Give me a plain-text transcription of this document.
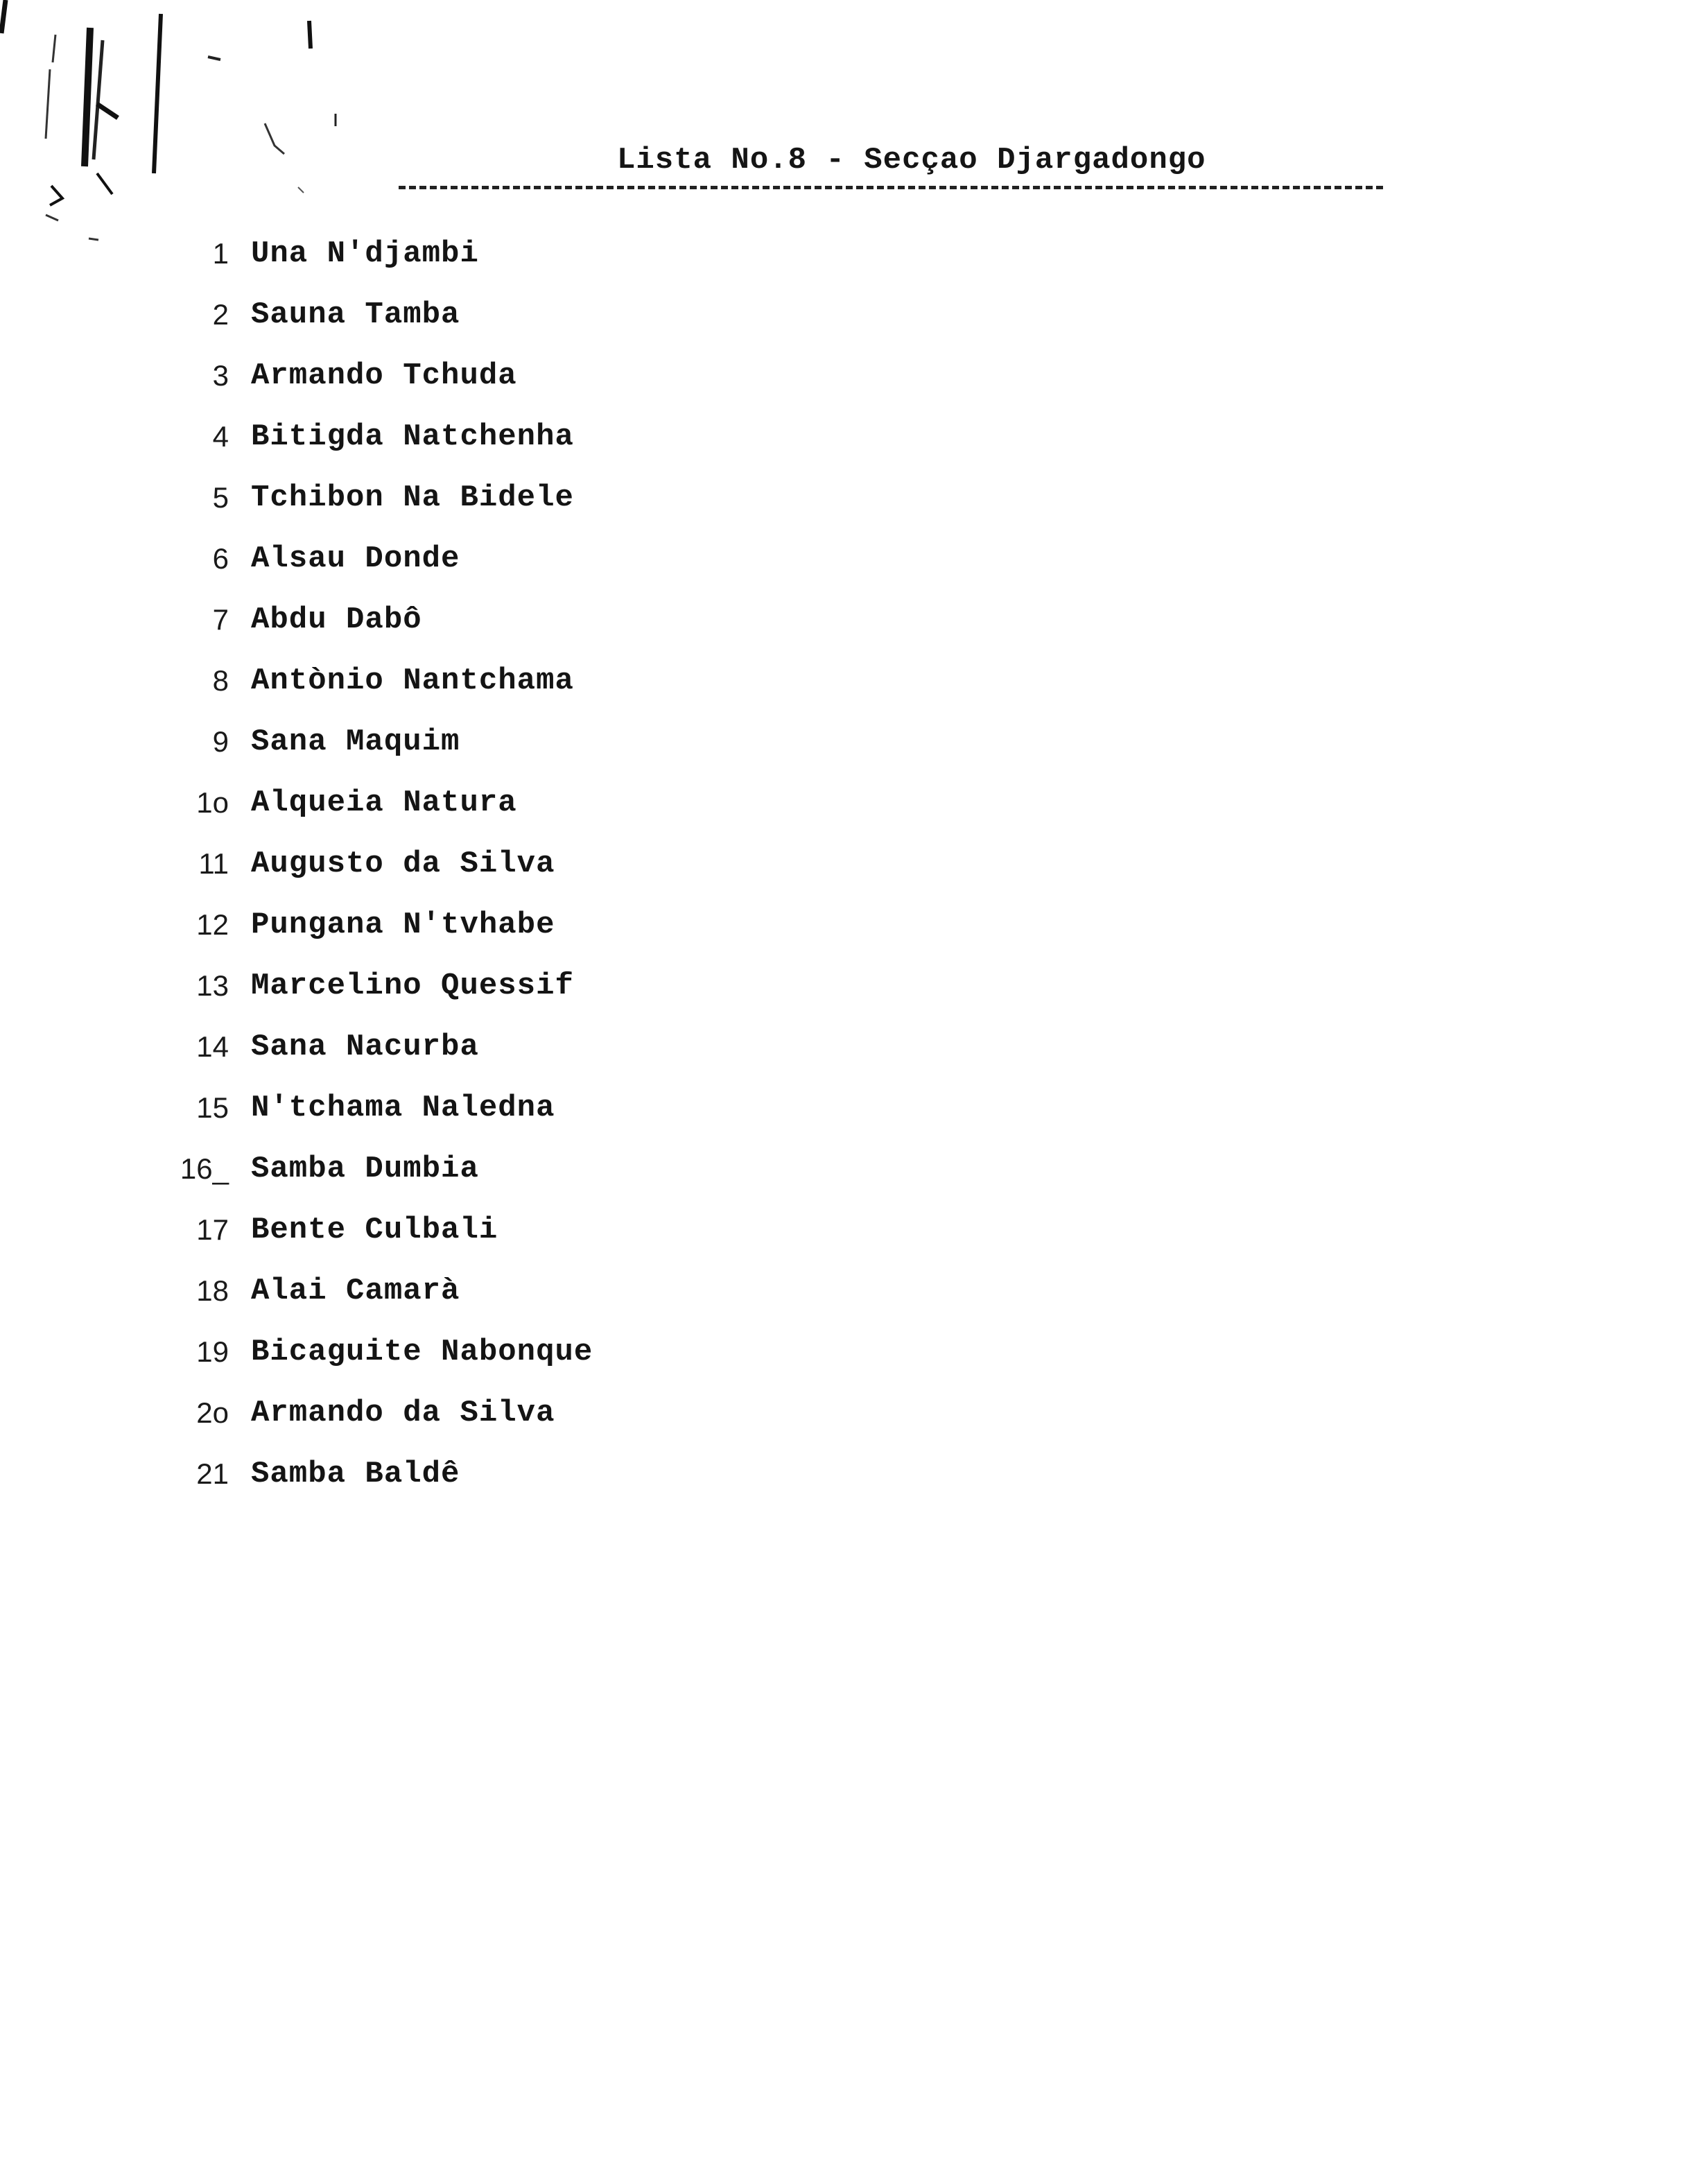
Lista No.8 - Secçao Djargadongo
1 Una N'djambi
2 Sauna Tamba
3 Armando Tchuda
4 Bitigda Natchenha
5 Tchibon Na Bidele
6 Alsau Donde
7 Abdu Dabô
8 Antònio Nantchama
9 Sana Maquim
1o Alqueia Natura
11 Augusto da Silva
12 Pungana N'tvhabe
13 Marcelino Quessif
14 Sana Nacurba
15 N'tchama Naledna
16_ Samba Dumbia
17 Bente Culbali
18 Alai Camarà
19 Bicaguite Nabonque
2o Armando da Silva
21 Samba Baldê
